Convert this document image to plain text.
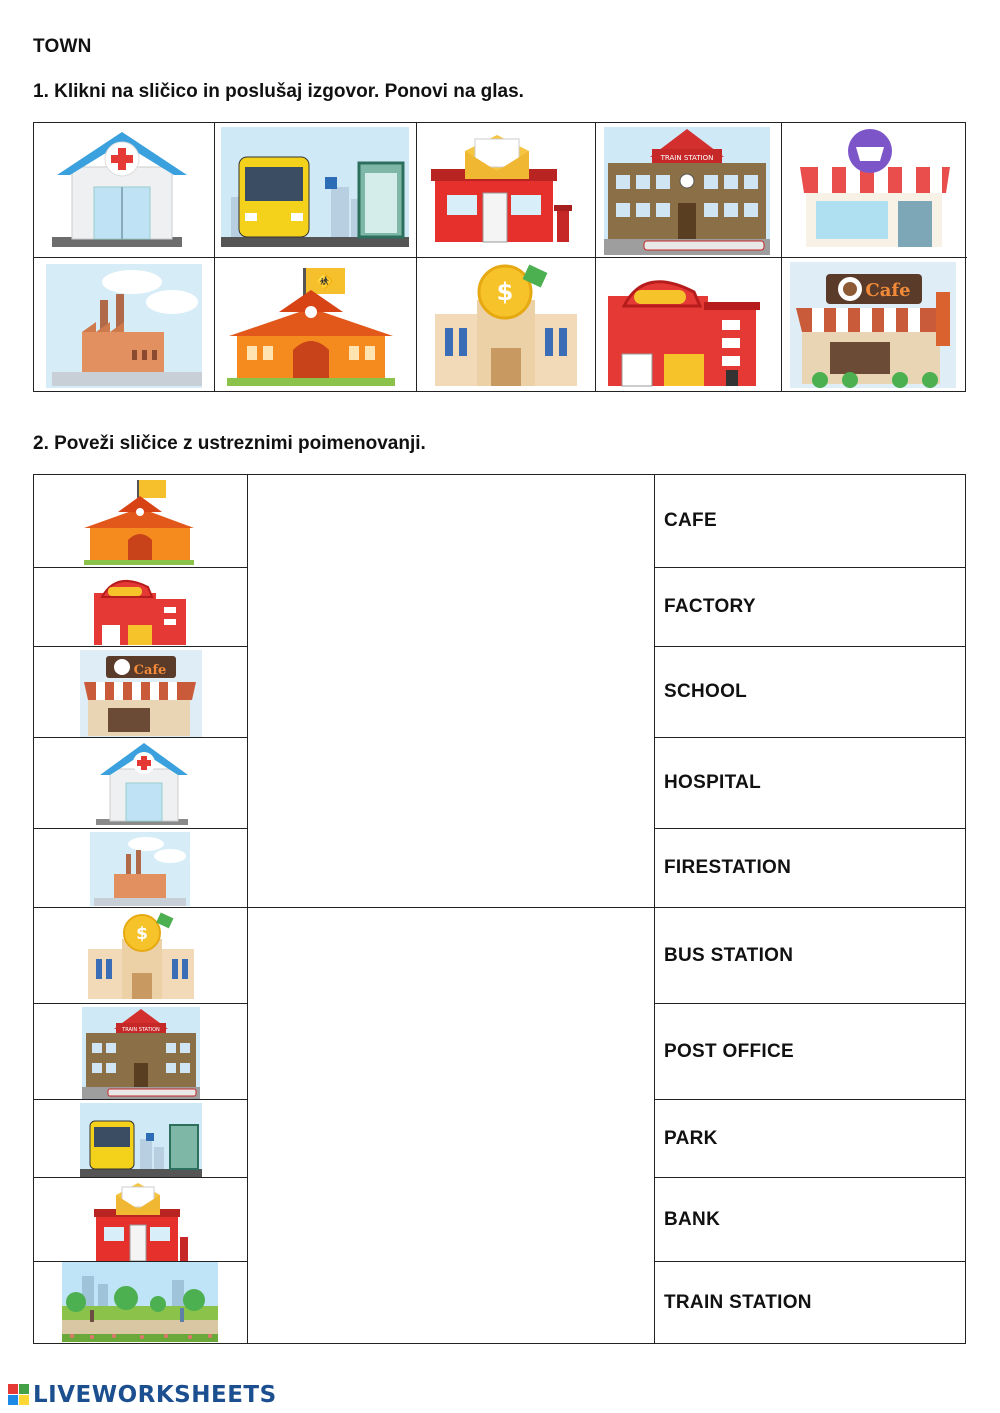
TOWN
1. Klikni na sličico in poslušaj izgovor. Ponovi na glas.
TRAIN STATION
🚸	$	Cafe
2. Poveži sličice z ustreznimi poimenovanji.
Cafe
$
TRAIN STATION
CAFE
FACTORY
SCHOOL
HOSPITAL
FIRESTATION
BUS STATION
POST OFFICE
PARK
BANK
TRAIN STATION
LIVEWORKSHEETS
